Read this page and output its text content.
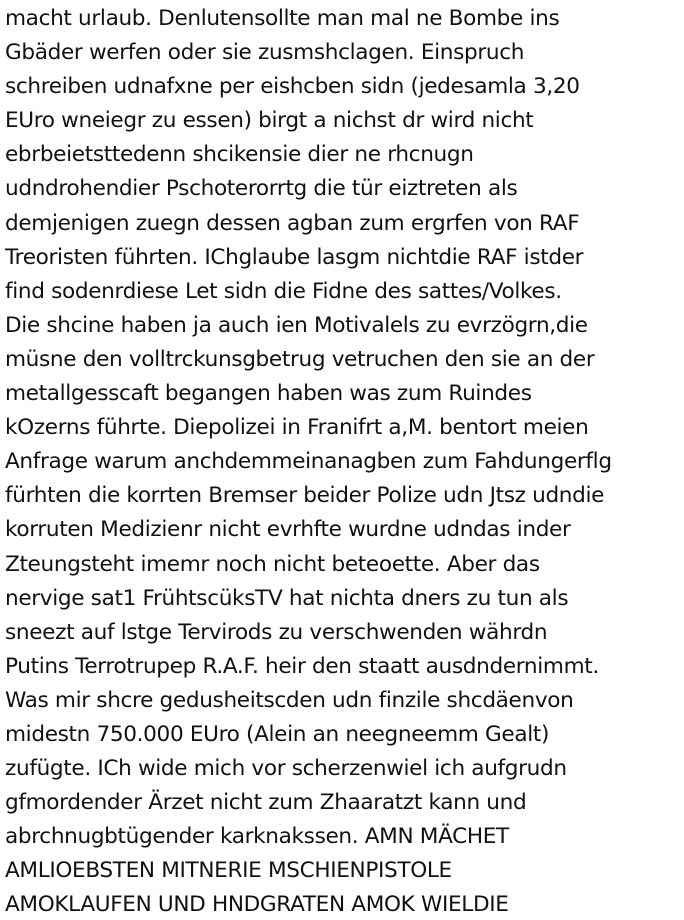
macht urlaub. Denlutensollte man mal ne Bombe ins
Gbäder werfen oder sie zusmshclagen. Einspruch
schreiben udnafxne per eishcben sidn (jedesamla 3,20
EUro wneiegr zu essen) birgt a nichst dr wird nicht
ebrbeietsttedenn shcikensie dier ne rhcnugn
udndrohendier Pschoterorrtg die tür eiztreten als
demjenigen zuegn dessen agban zum ergrfen von RAF
Treoristen führten. IChglaube lasgm nichtdie RAF istder
find sodenrdiese Let sidn die Fidne des sattes/Volkes.
Die shcine haben ja auch ien Motivalels zu evrzögrn,die
müsne den volltrckunsgbetrug vetruchen den sie an der
metallgesscaft begangen haben was zum Ruindes
kOzerns führte. Diepolizei in Franifrt a,M. bentort meien
Anfrage warum anchdemmeinanagben zum Fahdungerflg
fürhten die korrten Bremser beider Polize udn Jtsz udndie
korruten Medizienr nicht evrhfte wurdne udndas inder
Zteungsteht imemr noch nicht beteoette. Aber das
nervige sat1 FrühtscüksTV hat nichta dners zu tun als
sneezt auf lstge Tervirods zu verschwenden währdn
Putins Terrotrupep R.A.F. heir den staatt ausdndernimmt.
Was mir shcre gedusheitscden udn finzile shcdäenvon
midestn 750.000 EUro (Alein an neegneemm Gealt)
zufügte. ICh wide mich vor scherzenwiel ich aufgrudn
gfmordender Ärzet nicht zum Zhaaratzt kann und
abrchnugbtügender karknakssen. AMN MÄCHET
AMLIOEBSTEN MITNERIE MSCHIENPISTOLE
AMOKLAUFEN UND HNDGRATEN AMOK WIELDIE
